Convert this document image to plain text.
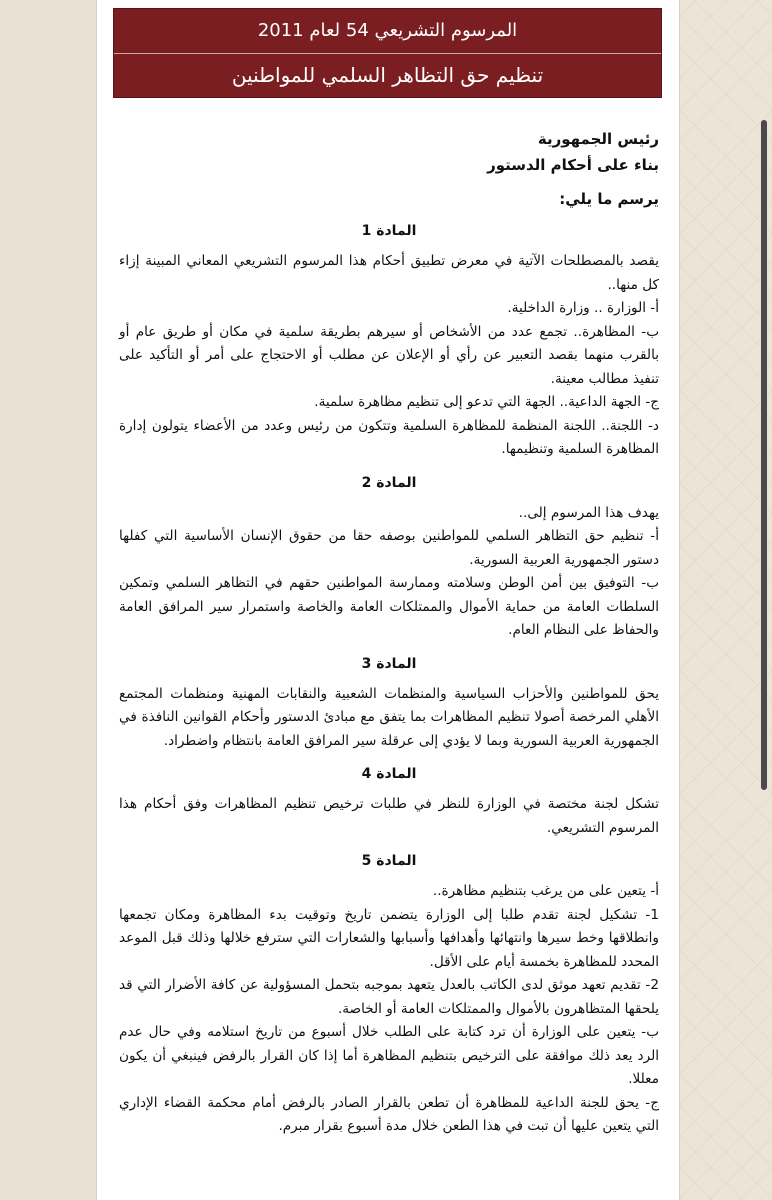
المرسوم التشريعي 54 لعام 2011
تنظيم حق التظاهر السلمي للمواطنين

رئيس الجمهورية

بناء على أحكام الدستور

يرسم ما يلي:

المادة 1

يقصد بالمصطلحات الآتية في معرض تطبيق أحكام هذا المرسوم التشريعي المعاني المبينة إزاء كل منها..

أ- الوزارة .. وزارة الداخلية.

ب- المظاهرة.. تجمع عدد من الأشخاص أو سيرهم بطريقة سلمية في مكان أو طريق عام أو بالقرب منهما بقصد التعبير عن رأي أو الإعلان عن مطلب أو الاحتجاج على أمر أو التأكيد على تنفيذ مطالب معينة.

ج- الجهة الداعية.. الجهة التي تدعو إلى تنظيم مظاهرة سلمية.

د- اللجنة.. اللجنة المنظمة للمظاهرة السلمية وتتكون من رئيس وعدد من الأعضاء يتولون إدارة المظاهرة السلمية وتنظيمها.

المادة 2

يهدف هذا المرسوم إلى..

أ- تنظيم حق التظاهر السلمي للمواطنين بوصفه حقا من حقوق الإنسان الأساسية التي كفلها دستور الجمهورية العربية السورية.

ب- التوفيق بين أمن الوطن وسلامته وممارسة المواطنين حقهم في التظاهر السلمي وتمكين السلطات العامة من حماية الأموال والممتلكات العامة والخاصة واستمرار سير المرافق العامة والحفاظ على النظام العام.

المادة 3

يحق للمواطنين والأحزاب السياسية والمنظمات الشعبية والنقابات المهنية ومنظمات المجتمع الأهلي المرخصة أصولا تنظيم المظاهرات بما يتفق مع مبادئ الدستور وأحكام القوانين النافذة في الجمهورية العربية السورية وبما لا يؤدي إلى عرقلة سير المرافق العامة بانتظام واضطراد.

المادة 4

تشكل لجنة مختصة في الوزارة للنظر في طلبات ترخيص تنظيم المظاهرات وفق أحكام هذا المرسوم التشريعي.

المادة 5

أ- يتعين على من يرغب بتنظيم مظاهرة..

1- تشكيل لجنة تقدم طلبا إلى الوزارة يتضمن تاريخ وتوقيت بدء المظاهرة ومكان تجمعها وانطلاقها وخط سيرها وانتهائها وأهدافها وأسبابها والشعارات التي سترفع خلالها وذلك قبل الموعد المحدد للمظاهرة بخمسة أيام على الأقل.

2- تقديم تعهد موثق لدى الكاتب بالعدل يتعهد بموجبه بتحمل المسؤولية عن كافة الأضرار التي قد يلحقها المتظاهرون بالأموال والممتلكات العامة أو الخاصة.

ب- يتعين على الوزارة أن ترد كتابة على الطلب خلال أسبوع من تاريخ استلامه وفي حال عدم الرد يعد ذلك موافقة على الترخيص بتنظيم المظاهرة أما إذا كان القرار بالرفض فينبغي أن يكون معللا.

ج- يحق للجنة الداعية للمظاهرة أن تطعن بالقرار الصادر بالرفض أمام محكمة القضاء الإداري التي يتعين عليها أن تبت في هذا الطعن خلال مدة أسبوع بقرار مبرم.
